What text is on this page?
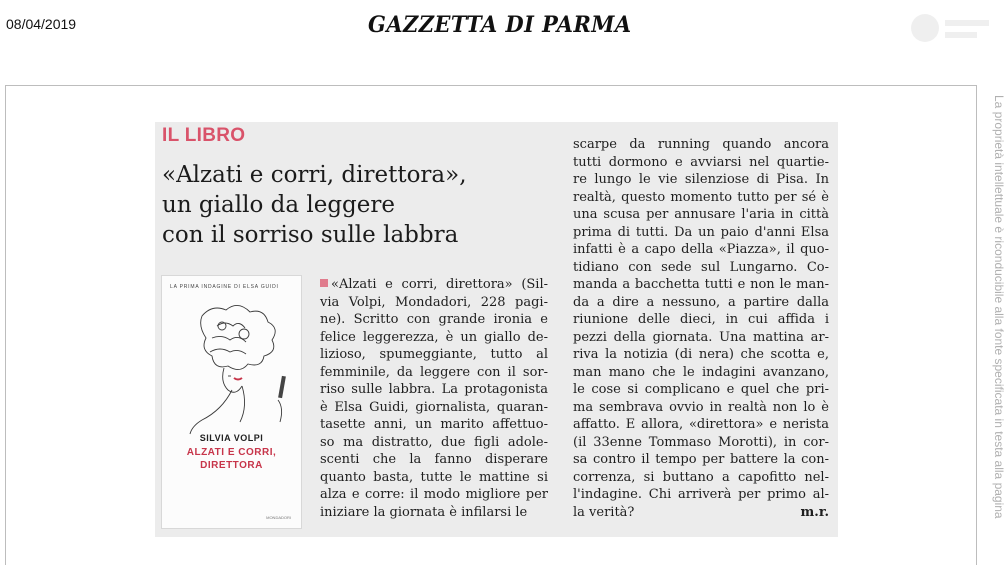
08/04/2019	GAZZETTA DI PARMA
La proprietà intellettuale è riconducibile alla fonte specificata in testa alla pagina
IL LIBRO
«Alzati e corri, direttora»,
un giallo da leggere
con il sorriso sulle labbra
LA PRIMA INDAGINE DI ELSA GUIDI
SILVIA VOLPI
ALZATI E CORRI,
DIRETTORA
MONDADORI
«Alzati e corri, direttora» (Sil-
via Volpi, Mondadori, 228 pagi-
ne). Scritto con grande ironia e
felice leggerezza, è un giallo de-
lizioso, spumeggiante, tutto al
femminile, da leggere con il sor-
riso sulle labbra. La protagonista
è Elsa Guidi, giornalista, quaran-
tasette anni, un marito affettuo-
so ma distratto, due figli adole-
scenti che la fanno disperare
quanto basta, tutte le mattine si
alza e corre: il modo migliore per
iniziare la giornata è infilarsi le
scarpe da running quando ancora
tutti dormono e avviarsi nel quartie-
re lungo le vie silenziose di Pisa. In
realtà, questo momento tutto per sé è
una scusa per annusare l'aria in città
prima di tutti. Da un paio d'anni Elsa
infatti è a capo della «Piazza», il quo-
tidiano con sede sul Lungarno. Co-
manda a bacchetta tutti e non le man-
da a dire a nessuno, a partire dalla
riunione delle dieci, in cui affida i
pezzi della giornata. Una mattina ar-
riva la notizia (di nera) che scotta e,
man mano che le indagini avanzano,
le cose si complicano e quel che pri-
ma sembrava ovvio in realtà non lo è
affatto. E allora, «direttora» e nerista
(il 33enne Tommaso Morotti), in cor-
sa contro il tempo per battere la con-
correnza, si buttano a capofitto nel-
l'indagine. Chi arriverà per primo al-
la verità?	m.r.
